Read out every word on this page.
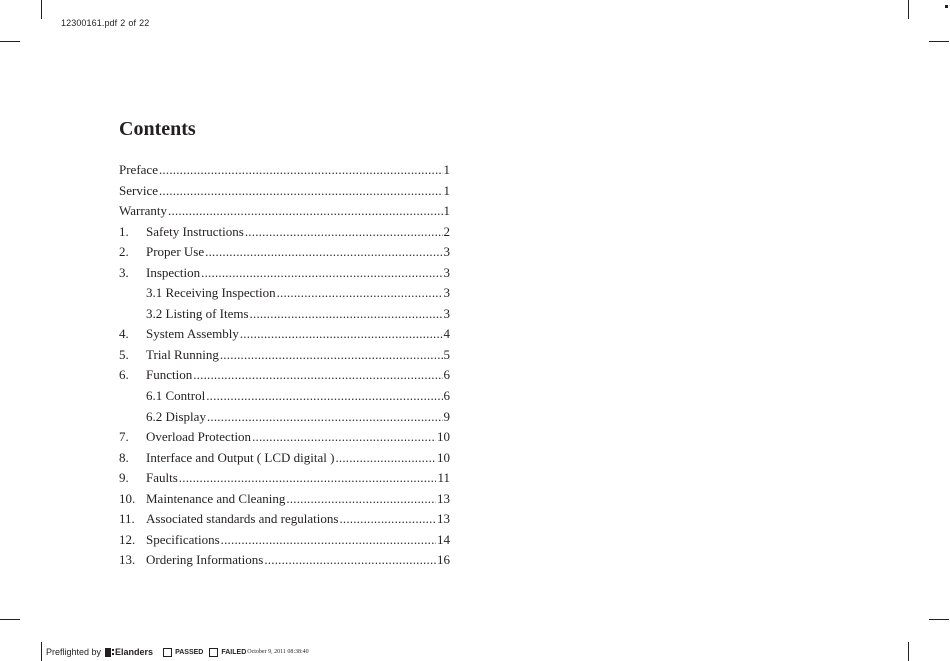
12300161.pdf 2 of 22
Contents
Preface .....	1
Service .....	1
Warranty .....	1
1.	Safety Instructions .....	2
2.	Proper Use .....	3
3.	Inspection .....	3
3.1 Receiving Inspection .....	3
3.2 Listing of Items .....	3
4.	System Assembly .....	4
5.	Trial Running .....	5
6.	Function .....	6
6.1 Control .....	6
6.2 Display .....	9
7.	Overload Protection .....	10
8.	Interface and Output ( LCD digital ) .....	10
9.	Faults .....	11
10. Maintenance and Cleaning .....	13
11. Associated standards and regulations .....	13
12. Specifications .....	14
13. Ordering Informations .....	16
Preflighted by Elanders	PASSED	FAILED October 9, 2011 08:38:40
